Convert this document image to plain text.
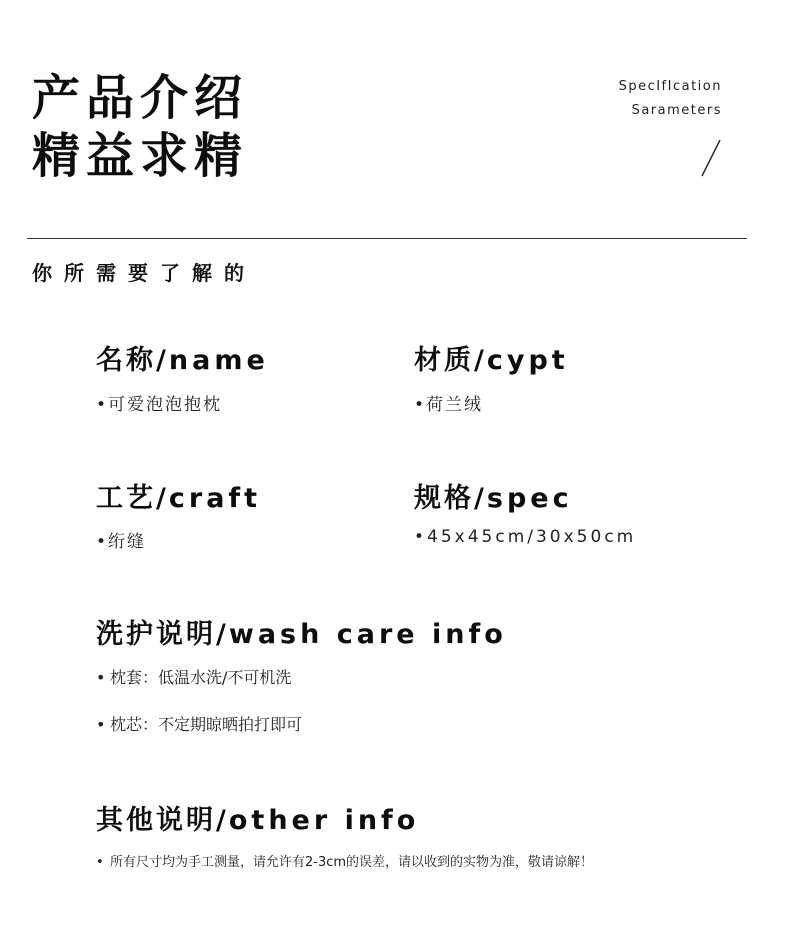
产品介绍
精益求精
SpecIfIcation
Sarameters
你所需要了解的
名称/name
•可爱泡泡抱枕
材质/cypt
•荷兰绒
工艺/craft
•绗缝
规格/spec
•45x45cm/30x50cm
洗护说明/wash care info
• 枕套：低温水洗/不可机洗
• 枕芯：不定期晾晒拍打即可
其他说明/other info
• 所有尺寸均为手工测量，请允许有2-3cm的误差，请以收到的实物为准，敬请谅解！
